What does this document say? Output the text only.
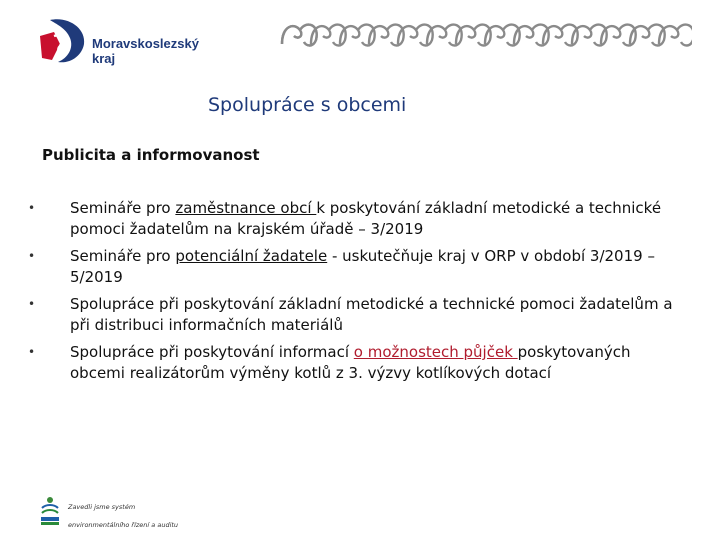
Moravskoslezský
kraj
Spolupráce s obcemi
Publicita a informovanost
• Semináře pro zaměstnance obcí k poskytování základní metodické a technické pomoci žadatelům na krajském úřadě – 3/2019
• Semináře pro potenciální žadatele - uskutečňuje kraj v ORP v období 3/2019 – 5/2019
• Spolupráce při poskytování základní metodické a technické pomoci žadatelům a při distribuci informačních materiálů
• Spolupráce při poskytování informací o možnostech půjček poskytovaných obcemi realizátorům výměny kotlů z 3. výzvy kotlíkových dotací
Zavedli jsme systém
environmentálního řízení a auditu
